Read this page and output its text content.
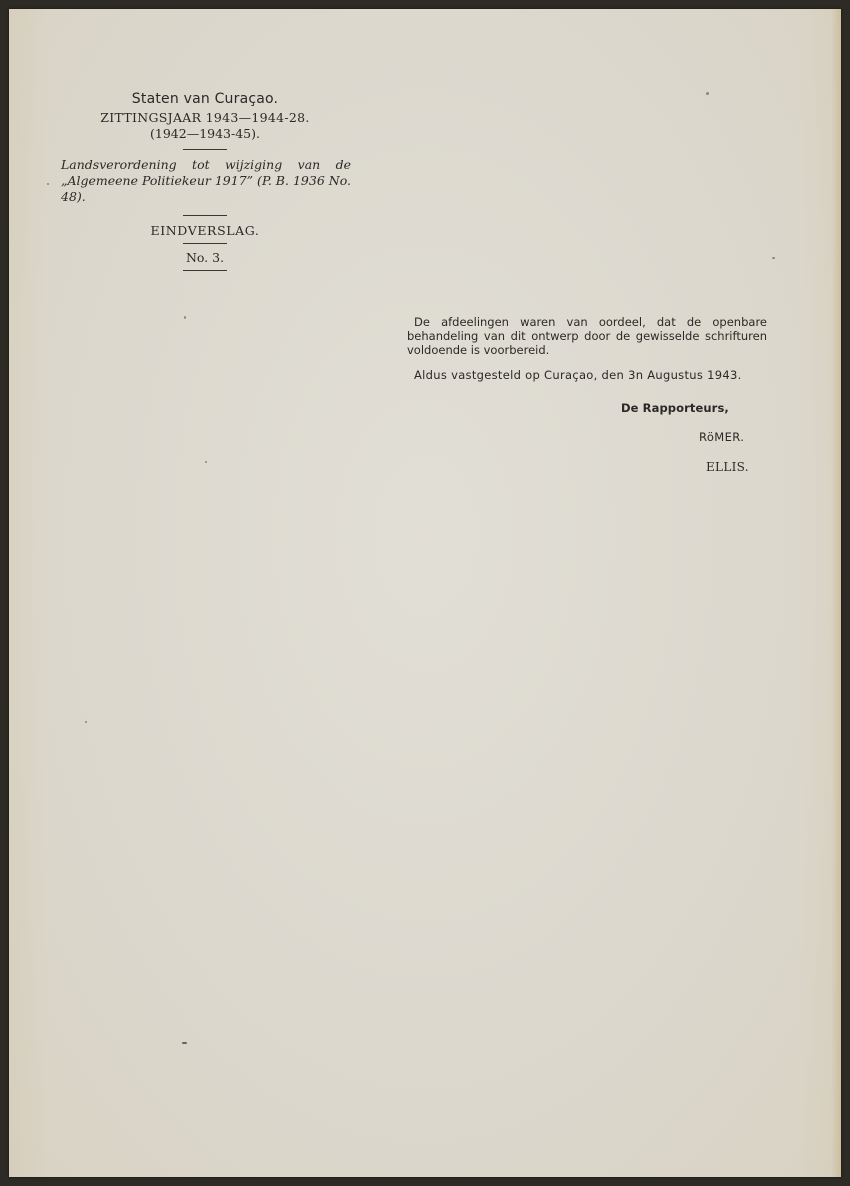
Staten van Curaçao.
ZITTINGSJAAR 1943—1944-28.
(1942—1943-45).
Landsverordening tot wijziging van de „Algemeene Politiekeur 1917” (P. B. 1936 No. 48).
EINDVERSLAG.
No. 3.
De afdeelingen waren van oordeel, dat de openbare behandeling van dit ontwerp door de gewisselde schrifturen voldoende is voorbereid.
Aldus vastgesteld op Curaçao, den 3n Augustus 1943.
De Rapporteurs,
RöMER.
ELLIS.
